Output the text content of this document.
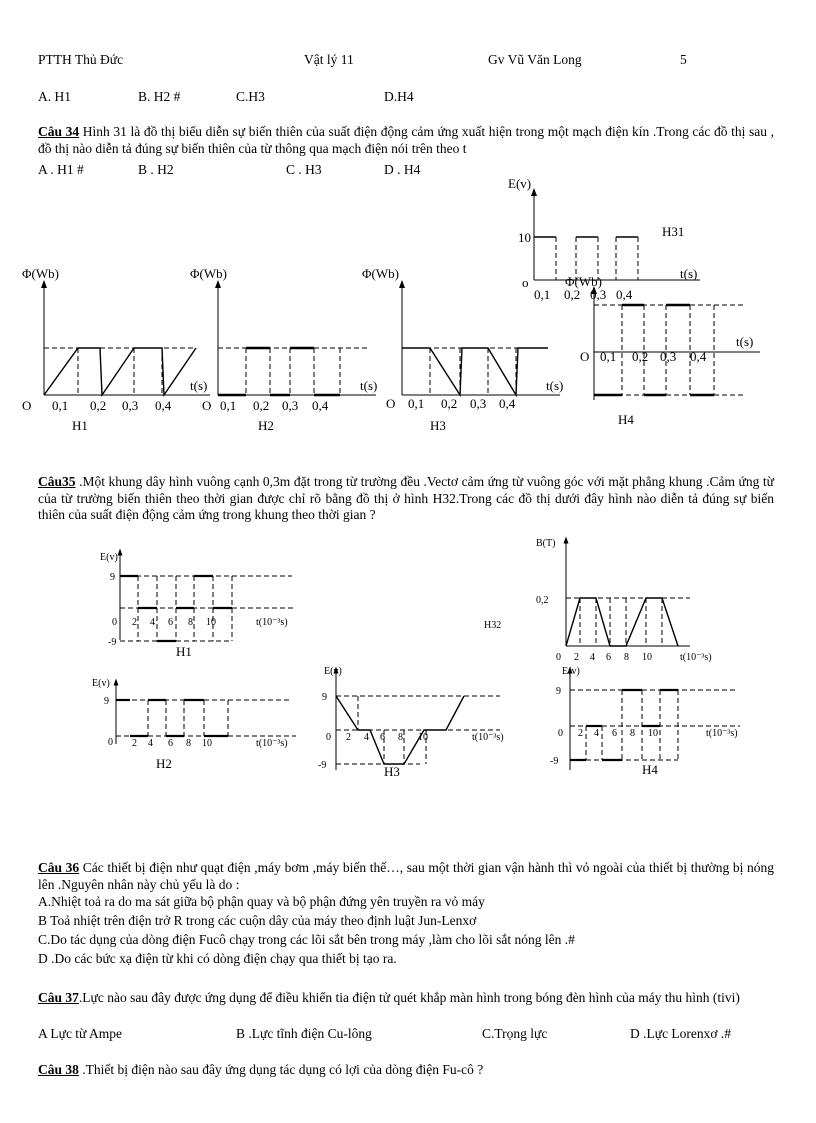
PTTH Thủ Đức	Vật lý 11	Gv Vũ Văn Long	5
A. H1	B. H2 #	C.H3	D.H4
Câu 34 Hình 31 là đồ thị biểu diễn sự biến thiên của suất điện động cảm ứng xuất hiện trong một mạch điện kín .Trong các đồ thị sau , đồ thị nào diễn tả đúng sự biến thiên của từ thông qua mạch điện nói trên theo t
A . H1 #	B . H2	C . H3	D . H4
Φ(Wb)	Φ(Wb)	Φ(Wb)
E(v)
Φ(Wb)
t(s)	t(s)	t(s)
t(s)
t(s)
O 0,1 0,2 0,3 0,4 O 0,1 0,2 0,3 0,4	O 0,1 0,2 0,3 0,4
10
o
0,1 0,2 0,3 0,4
O 0,1 0,2 0,3 0,4
H1	H2	H3	H4
H31
Câu35 .Một khung dây hình vuông cạnh 0,3m đặt trong từ trường đều .Vectơ cảm ứng từ vuông góc với mặt phẳng khung .Cảm ứng từ của từ trường biến thiên theo thời gian được chỉ rõ bằng đồ thị ở hình H32.Trong các đồ thị dưới đây hình nào diễn tả đúng sự biến thiên của suất điện động cảm ứng trong khung theo thời gian ?
E(v)
9
0
-9
2 4 6 8 10	t(10⁻³s)
H1
B(T)
0,2
0 2 4 6 8 10	t(10⁻³s)
H32
E(v)
9
0 2 4 6 8 10	t(10⁻³s)
H2
E(v)
9
0
-9
2 4 6 8 10	t(10⁻³s)
H3
E(v)
9
0
-9
2 4 6 8 10	t(10⁻³s)
H4
Câu 36 Các thiết bị điện như quạt điện ,máy bơm ,máy biến thế…, sau một thời gian vận hành thì vỏ ngoài của thiết bị thường bị nóng lên .Nguyên nhân này chủ yếu là do :
A.Nhiệt toả ra do ma sát giữa bộ phận quay và bộ phận đứng yên truyền ra vỏ máy
B Toả nhiệt trên điện trở R trong các cuộn dây của máy theo định luật Jun-Lenxơ
C.Do tác dụng của dòng điện Fucô chạy trong các lõi sắt bên trong máy ,làm cho lõi sắt nóng lên .#
D .Do các bức xạ điện từ khi có dòng điện chạy qua thiết bị tạo ra.
Câu 37.Lực nào sau đây được ứng dụng để điều khiển tia điện tử quét khắp màn hình trong bóng đèn hình của máy thu hình (tivi)
A Lực từ Ampe	B .Lực tĩnh điện Cu-lông	C.Trọng lực	D .Lực Lorenxơ .#
Câu 38 .Thiết bị điện nào sau đây ứng dụng tác dụng có lợi của dòng điện Fu-cô ?
